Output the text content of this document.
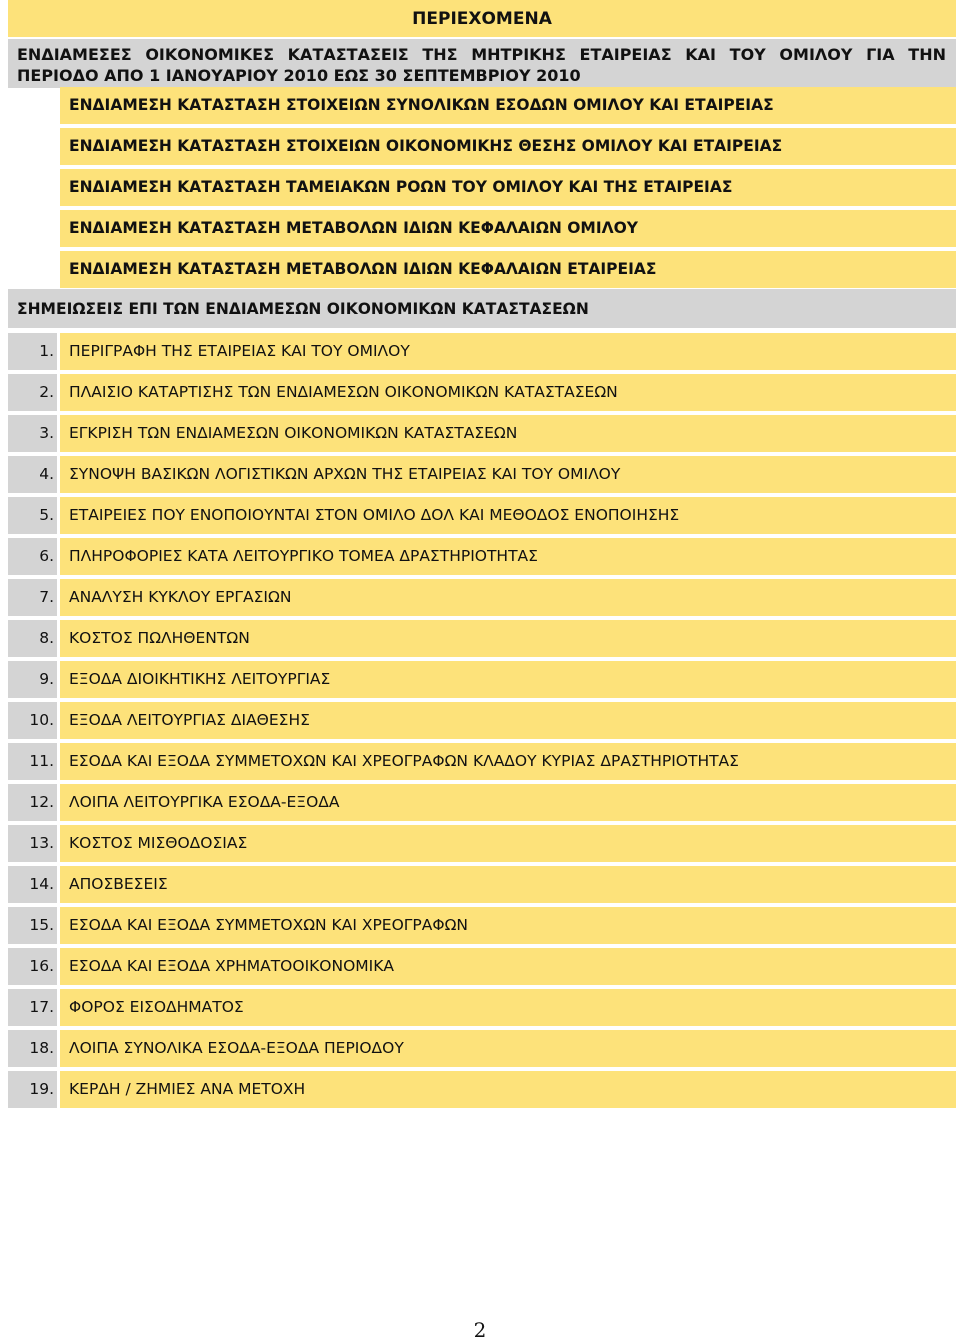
ΠΕΡΙΕΧΟΜΕΝΑ
ΕΝΔΙΑΜΕΣΕΣ ΟΙΚΟΝΟΜΙΚΕΣ ΚΑΤΑΣΤΑΣΕΙΣ ΤΗΣ ΜΗΤΡΙΚΗΣ ΕΤΑΙΡΕΙΑΣ ΚΑΙ ΤΟΥ ΟΜΙΛΟΥ ΓΙΑ ΤΗΝ
ΠΕΡΙΟΔΟ ΑΠΟ 1 ΙΑΝΟΥΑΡΙΟΥ 2010 ΕΩΣ 30 ΣΕΠΤΕΜΒΡΙΟΥ 2010
ΕΝΔΙΑΜΕΣΗ ΚΑΤΑΣΤΑΣΗ ΣΤΟΙΧΕΙΩΝ ΣΥΝΟΛΙΚΩΝ ΕΣΟΔΩΝ ΟΜΙΛΟΥ ΚΑΙ ΕΤΑΙΡΕΙΑΣ
ΕΝΔΙΑΜΕΣΗ ΚΑΤΑΣΤΑΣΗ ΣΤΟΙΧΕΙΩΝ ΟΙΚΟΝΟΜΙΚΗΣ ΘΕΣΗΣ ΟΜΙΛΟΥ ΚΑΙ ΕΤΑΙΡΕΙΑΣ
ΕΝΔΙΑΜΕΣΗ ΚΑΤΑΣΤΑΣΗ ΤΑΜΕΙΑΚΩΝ ΡΟΩΝ ΤΟΥ ΟΜΙΛΟΥ ΚΑΙ ΤΗΣ ΕΤΑΙΡΕΙΑΣ
ΕΝΔΙΑΜΕΣΗ ΚΑΤΑΣΤΑΣΗ ΜΕΤΑΒΟΛΩΝ ΙΔΙΩΝ ΚΕΦΑΛΑΙΩΝ ΟΜΙΛΟΥ
ΕΝΔΙΑΜΕΣΗ ΚΑΤΑΣΤΑΣΗ ΜΕΤΑΒΟΛΩΝ ΙΔΙΩΝ ΚΕΦΑΛΑΙΩΝ ΕΤΑΙΡΕΙΑΣ
ΣΗΜΕΙΩΣΕΙΣ ΕΠΙ ΤΩΝ ΕΝΔΙΑΜΕΣΩΝ ΟΙΚΟΝΟΜΙΚΩΝ ΚΑΤΑΣΤΑΣΕΩΝ
1. ΠΕΡΙΓΡΑΦΗ ΤΗΣ ΕΤΑΙΡΕΙΑΣ ΚΑΙ ΤΟΥ ΟΜΙΛΟΥ
2. ΠΛΑΙΣΙΟ ΚΑΤΑΡΤΙΣΗΣ ΤΩΝ ΕΝΔΙΑΜΕΣΩΝ ΟΙΚΟΝΟΜΙΚΩΝ ΚΑΤΑΣΤΑΣΕΩΝ
3. ΕΓΚΡΙΣΗ ΤΩΝ ΕΝΔΙΑΜΕΣΩΝ ΟΙΚΟΝΟΜΙΚΩΝ ΚΑΤΑΣΤΑΣΕΩΝ
4. ΣΥΝΟΨΗ ΒΑΣΙΚΩΝ ΛΟΓΙΣΤΙΚΩΝ ΑΡΧΩΝ ΤΗΣ ΕΤΑΙΡΕΙΑΣ ΚΑΙ ΤΟΥ ΟΜΙΛΟΥ
5. ΕΤΑΙΡΕΙΕΣ ΠΟΥ ΕΝΟΠΟΙΟΥΝΤΑΙ ΣΤΟΝ ΟΜΙΛΟ ΔΟΛ ΚΑΙ ΜΕΘΟΔΟΣ ΕΝΟΠΟΙΗΣΗΣ
6. ΠΛΗΡΟΦΟΡΙΕΣ ΚΑΤΑ ΛΕΙΤΟΥΡΓΙΚΟ ΤΟΜΕΑ ΔΡΑΣΤΗΡΙΟΤΗΤΑΣ
7. ΑΝΑΛΥΣΗ ΚΥΚΛΟΥ ΕΡΓΑΣΙΩΝ
8. ΚΟΣΤΟΣ ΠΩΛΗΘΕΝΤΩΝ
9. ΕΞΟΔΑ ΔΙΟΙΚΗΤΙΚΗΣ ΛΕΙΤΟΥΡΓΙΑΣ
10. ΕΞΟΔΑ ΛΕΙΤΟΥΡΓΙΑΣ ΔΙΑΘΕΣΗΣ
11. ΕΣΟΔΑ ΚΑΙ ΕΞΟΔΑ ΣΥΜΜΕΤΟΧΩΝ ΚΑΙ ΧΡΕΟΓΡΑΦΩΝ ΚΛΑΔΟΥ ΚΥΡΙΑΣ ΔΡΑΣΤΗΡΙΟΤΗΤΑΣ
12. ΛΟΙΠΑ ΛΕΙΤΟΥΡΓΙΚΑ ΕΣΟΔΑ-ΕΞΟΔΑ
13. ΚΟΣΤΟΣ ΜΙΣΘΟΔΟΣΙΑΣ
14. ΑΠΟΣΒΕΣΕΙΣ
15. ΕΣΟΔΑ ΚΑΙ ΕΞΟΔΑ ΣΥΜΜΕΤΟΧΩΝ ΚΑΙ ΧΡΕΟΓΡΑΦΩΝ
16. ΕΣΟΔΑ ΚΑΙ ΕΞΟΔΑ ΧΡΗΜΑΤΟΟΙΚΟΝΟΜΙΚΑ
17. ΦΟΡΟΣ ΕΙΣΟΔΗΜΑΤΟΣ
18. ΛΟΙΠΑ ΣΥΝΟΛΙΚΑ ΕΣΟΔΑ-ΕΞΟΔΑ ΠΕΡΙΟΔΟΥ
19. ΚΕΡΔΗ / ΖΗΜΙΕΣ ΑΝΑ ΜΕΤΟΧΗ
2
